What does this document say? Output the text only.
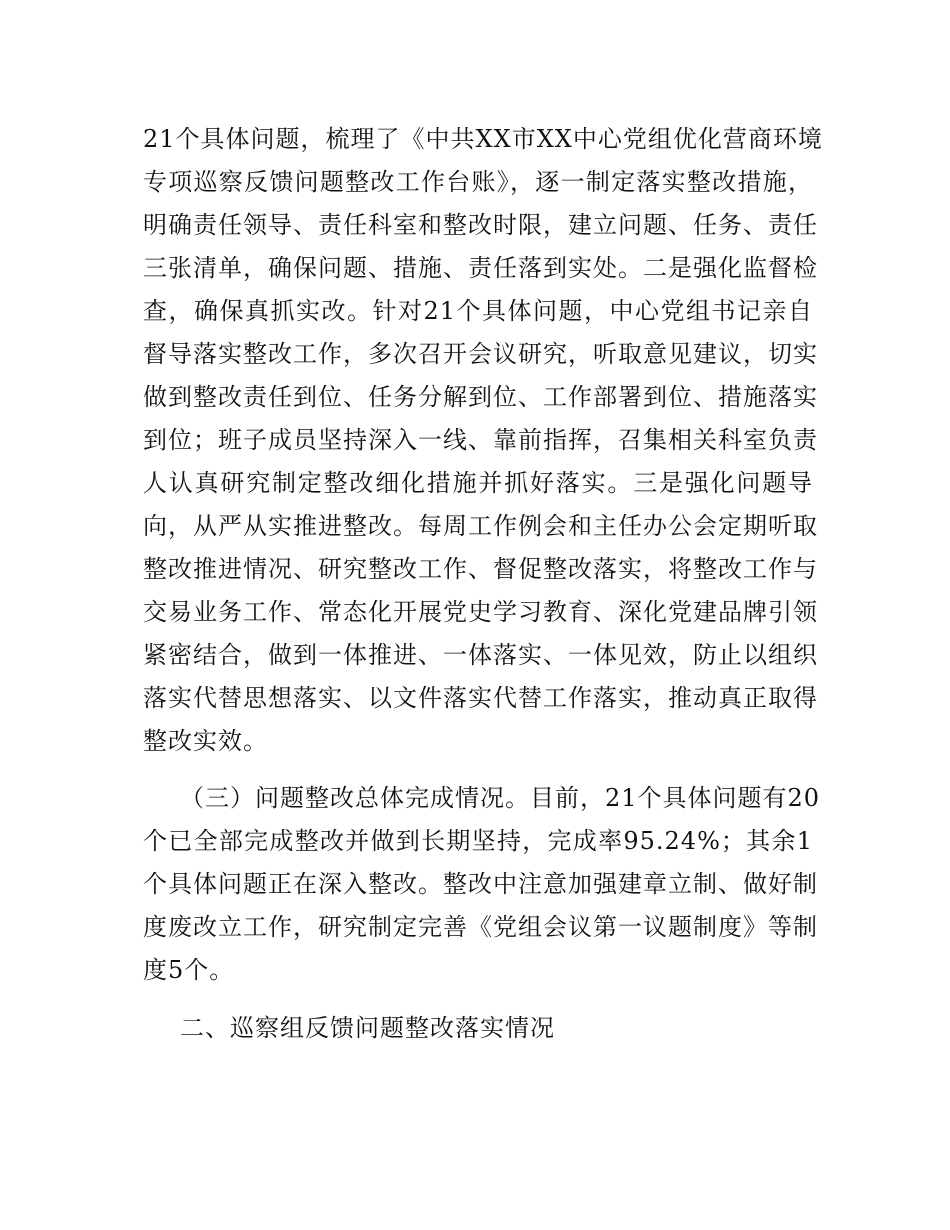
21个具体问题，梳理了《中共XX市XX中心党组优化营商环境
专项巡察反馈问题整改工作台账》，逐一制定落实整改措施，
明确责任领导、责任科室和整改时限，建立问题、任务、责任
三张清单，确保问题、措施、责任落到实处。二是强化监督检
查，确保真抓实改。针对21个具体问题，中心党组书记亲自
督导落实整改工作，多次召开会议研究，听取意见建议，切实
做到整改责任到位、任务分解到位、工作部署到位、措施落实
到位；班子成员坚持深入一线、靠前指挥，召集相关科室负责
人认真研究制定整改细化措施并抓好落实。三是强化问题导
向，从严从实推进整改。每周工作例会和主任办公会定期听取
整改推进情况、研究整改工作、督促整改落实，将整改工作与
交易业务工作、常态化开展党史学习教育、深化党建品牌引领
紧密结合，做到一体推进、一体落实、一体见效，防止以组织
落实代替思想落实、以文件落实代替工作落实，推动真正取得
整改实效。
（三）问题整改总体完成情况。目前，21个具体问题有20
个已全部完成整改并做到长期坚持，完成率95.24%；其余1
个具体问题正在深入整改。整改中注意加强建章立制、做好制
度废改立工作，研究制定完善《党组会议第一议题制度》等制
度5个。
二、巡察组反馈问题整改落实情况
